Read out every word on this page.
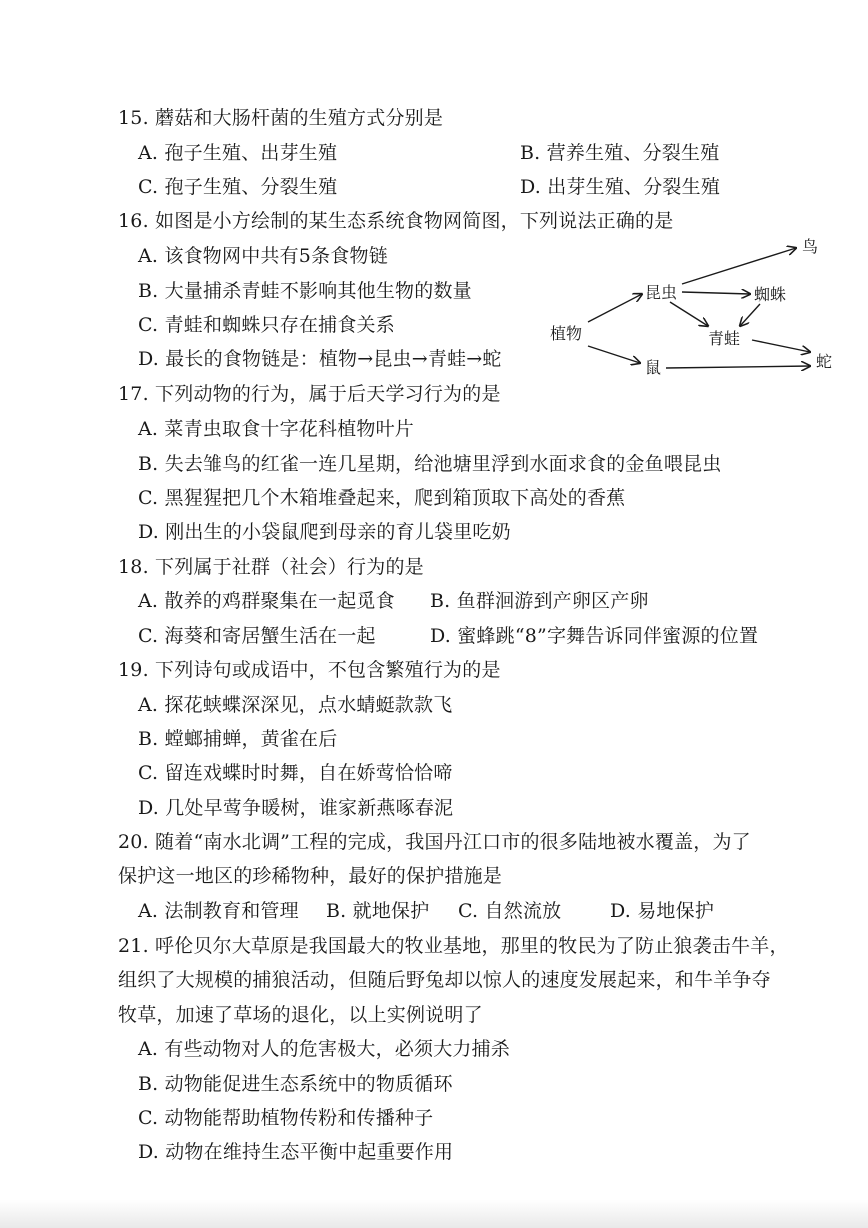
15. 蘑菇和大肠杆菌的生殖方式分别是
A. 孢子生殖、出芽生殖	B. 营养生殖、分裂生殖
C. 孢子生殖、分裂生殖	D. 出芽生殖、分裂生殖
16. 如图是小方绘制的某生态系统食物网简图，下列说法正确的是
A. 该食物网中共有5条食物链
B. 大量捕杀青蛙不影响其他生物的数量
C. 青蛙和蜘蛛只存在捕食关系
D. 最长的食物链是：植物→昆虫→青蛙→蛇
植物
昆虫
鸟
蜘蛛
青蛙
鼠	蛇
17. 下列动物的行为，属于后天学习行为的是
A. 菜青虫取食十字花科植物叶片
B. 失去雏鸟的红雀一连几星期，给池塘里浮到水面求食的金鱼喂昆虫
C. 黑猩猩把几个木箱堆叠起来，爬到箱顶取下高处的香蕉
D. 刚出生的小袋鼠爬到母亲的育儿袋里吃奶
18. 下列属于社群（社会）行为的是
A. 散养的鸡群聚集在一起觅食 B. 鱼群洄游到产卵区产卵
C. 海葵和寄居蟹生活在一起	D. 蜜蜂跳“8”字舞告诉同伴蜜源的位置
19. 下列诗句或成语中，不包含繁殖行为的是
A. 探花蛱蝶深深见，点水蜻蜓款款飞
B. 螳螂捕蝉，黄雀在后
C. 留连戏蝶时时舞，自在娇莺恰恰啼
D. 几处早莺争暖树，谁家新燕啄春泥
20. 随着“南水北调”工程的完成，我国丹江口市的很多陆地被水覆盖，为了
保护这一地区的珍稀物种，最好的保护措施是
A. 法制教育和管理 B. 就地保护 C. 自然流放	D. 易地保护
21. 呼伦贝尔大草原是我国最大的牧业基地，那里的牧民为了防止狼袭击牛羊，
组织了大规模的捕狼活动，但随后野兔却以惊人的速度发展起来，和牛羊争夺
牧草，加速了草场的退化，以上实例说明了
A. 有些动物对人的危害极大，必须大力捕杀
B. 动物能促进生态系统中的物质循环
C. 动物能帮助植物传粉和传播种子
D. 动物在维持生态平衡中起重要作用
